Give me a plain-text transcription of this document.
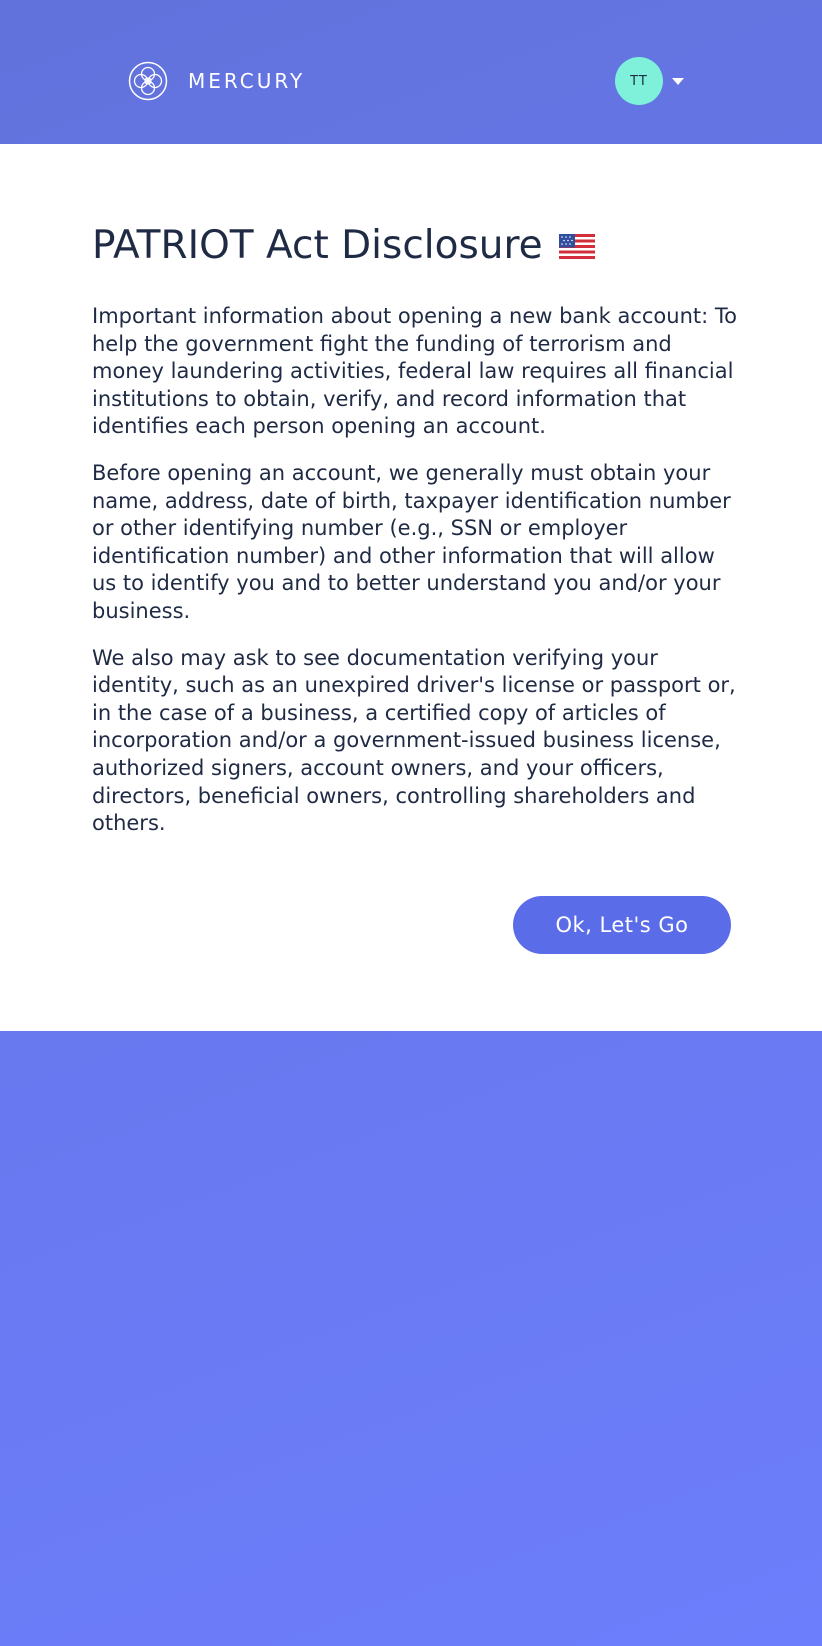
MERCURY	TT
PATRIOT Act Disclosure

Important information about opening a new bank account: To help the government fight the funding of terrorism and money laundering activities, federal law requires all financial institutions to obtain, verify, and record information that identifies each person opening an account.

Before opening an account, we generally must obtain your name, address, date of birth, taxpayer identification number or other identifying number (e.g., SSN or employer identification number) and other information that will allow us to identify you and to better understand you and/or your business.

We also may ask to see documentation verifying your identity, such as an unexpired driver's license or passport or, in the case of a business, a certified copy of articles of incorporation and/or a government-issued business license, authorized signers, account owners, and your officers, directors, beneficial owners, controlling shareholders and others.

Ok, Let's Go
